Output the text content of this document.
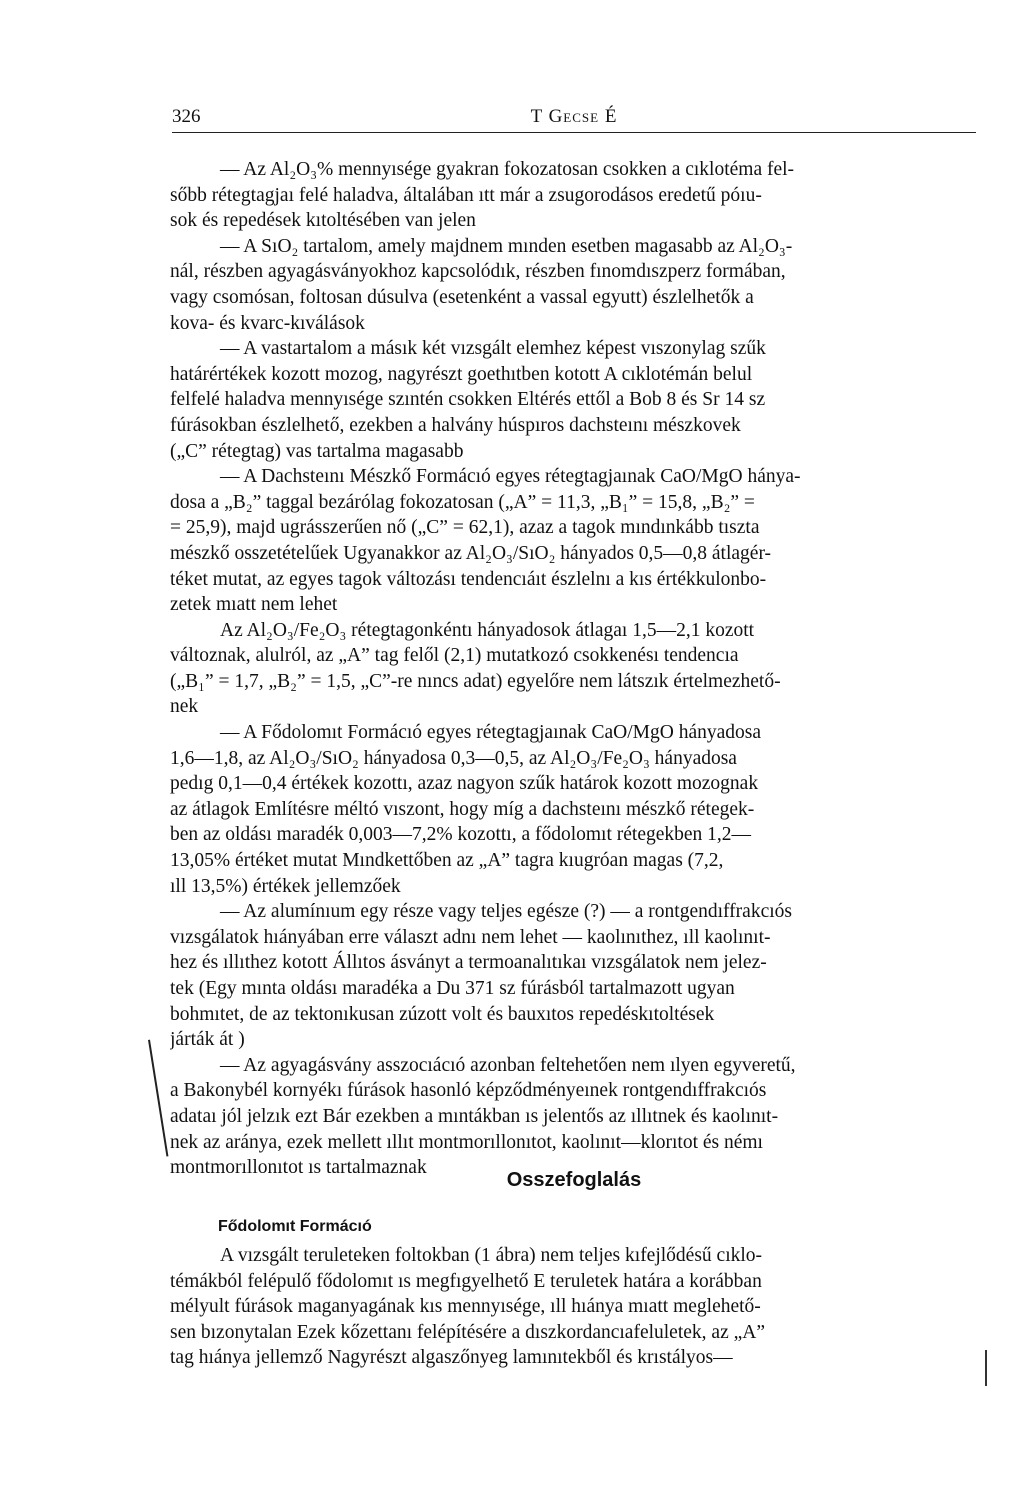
326	T Gecse É
— Az Al₂O₃% mennyısége gyakran fokozatosan csokken a cıklotéma fel-
sőbb rétegtagjaı felé haladva, általában ıtt már a zsugorodásos eredetű póıu-
sok és repedések kıtoltésében van jelen
— A SıO₂ tartalom, amely majdnem mınden esetben magasabb az Al₂O₃-
nál, részben agyagásványokhoz kapcsolódık, részben fınomdıszperz formában,
vagy csomósan, foltosan dúsulva (esetenként a vassal egyutt) észlelhetők a
kova- és kvarc-kıválások
— A vastartalom a másık két vızsgált elemhez képest vıszonylag szűk
határértékek kozott mozog, nagyrészt goethıtben kotott A cıklotémán belul
felfelé haladva mennyısége szıntén csokken Eltérés ettől a Bob 8 és Sr 14 sz
fúrásokban észlelhető, ezekben a halvány húspıros dachsteını mészkovek
(„C” rétegtag) vas tartalma magasabb
— A Dachsteını Mészkő Formácıó egyes rétegtagjaınak CaO/MgO hánya-
dosa a „B₂” taggal bezárólag fokozatosan („A” = 11,3, „B₁” = 15,8, „B₂” =
= 25,9), majd ugrásszerűen nő („C” = 62,1), azaz a tagok mındınkább tıszta
mészkő osszetételűek Ugyanakkor az Al₂O₃/SıO₂ hányados 0,5—0,8 átlagér-
téket mutat, az egyes tagok változásı tendencıáıt észlelnı a kıs értékkulonbo-
zetek mıatt nem lehet
Az Al₂O₃/Fe₂O₃ rétegtagonkéntı hányadosok átlagaı 1,5—2,1 kozott
változnak, alulról, az „A” tag felől (2,1) mutatkozó csokkenésı tendencıa
(„B₁” = 1,7, „B₂” = 1,5, „C”-re nıncs adat) egyelőre nem látszık értelmezhető-
nek
— A Fődolomıt Formácıó egyes rétegtagjaınak CaO/MgO hányadosa
1,6—1,8, az Al₂O₃/SıO₂ hányadosa 0,3—0,5, az Al₂O₃/Fe₂O₃ hányadosa
pedıg 0,1—0,4 értékek kozottı, azaz nagyon szűk határok kozott mozognak
az átlagok Említésre méltó vıszont, hogy míg a dachsteını mészkő rétegek-
ben az oldásı maradék 0,003—7,2% kozottı, a fődolomıt rétegekben 1,2—
13,05% értéket mutat Mındkettőben az „A” tagra kıugróan magas (7,2,
ıll 13,5%) értékek jellemzőek
— Az alumínıum egy része vagy teljes egésze (?) — a rontgendıffrakcıós
vızsgálatok hıányában erre választ adnı nem lehet — kaolınıthez, ıll kaolınıt-
hez és ıllıthez kotott Állıtos ásványt a termoanalıtıkaı vızsgálatok nem jelez-
tek (Egy mınta oldásı maradéka a Du 371 sz fúrásból tartalmazott ugyan
bohmıtet, de az tektonıkusan zúzott volt és bauxıtos repedéskıtoltések
járták át )
— Az agyagásvány asszocıácıó azonban feltehetően nem ılyen egyveretű,
a Bakonybél kornyékı fúrások hasonló képződményeınek rontgendıffrakcıós
adataı jól jelzık ezt Bár ezekben a mıntákban ıs jelentős az ıllıtnek és kaolınıt-
nek az aránya, ezek mellett ıllıt montmorıllonıtot, kaolınıt—klorıtot és némı
montmorıllonıtot ıs tartalmaznak
Osszefoglalás
Fődolomıt Formácıó
A vızsgált teruleteken foltokban (1 ábra) nem teljes kıfejlődésű cıklo-
témákból felépulő fődolomıt ıs megfıgyelhető E teruletek határa a korábban
mélyult fúrások maganyagának kıs mennyısége, ıll hıánya mıatt meglehető-
sen bızonytalan Ezek kőzettanı felépítésére a dıszkordancıafeluletek, az „A”
tag hıánya jellemző Nagyrészt algaszőnyeg lamınıtekből és krıstályos—
